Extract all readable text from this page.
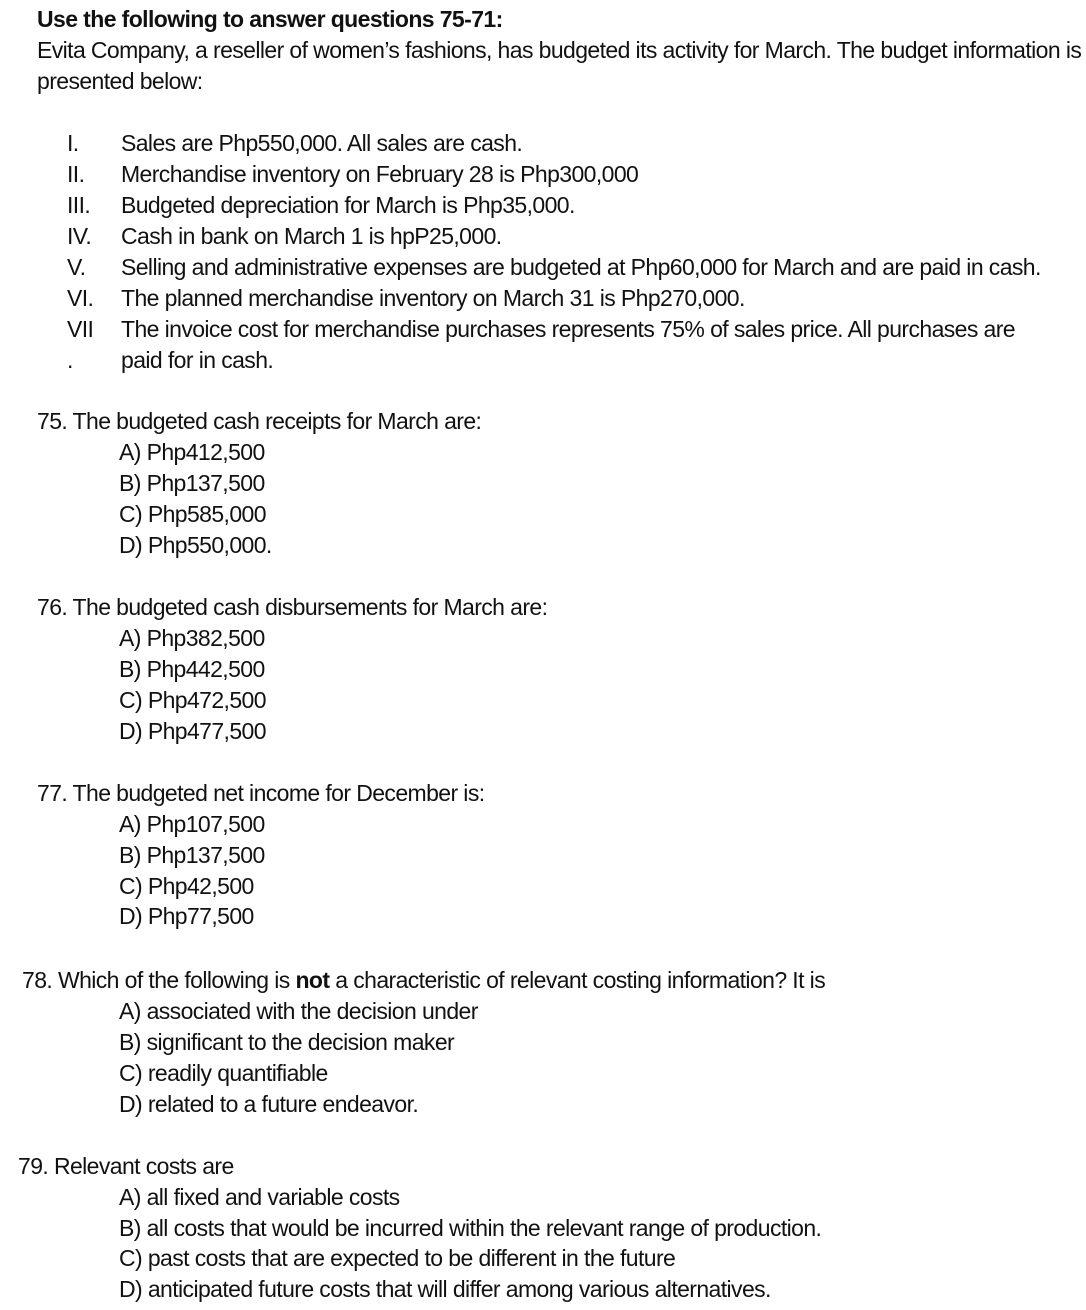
Use the following to answer questions 75-71:
Evita Company, a reseller of women’s fashions, has budgeted its activity for March. The budget information is
presented below:
I. Sales are Php550,000. All sales are cash.
II. Merchandise inventory on February 28 is Php300,000
III. Budgeted depreciation for March is Php35,000.
IV. Cash in bank on March 1 is hpP25,000.
V. Selling and administrative expenses are budgeted at Php60,000 for March and are paid in cash.
VI. The planned merchandise inventory on March 31 is Php270,000.
VII The invoice cost for merchandise purchases represents 75% of sales price. All purchases are
. paid for in cash.
75. The budgeted cash receipts for March are:
A) Php412,500
B) Php137,500
C) Php585,000
D) Php550,000.
76. The budgeted cash disbursements for March are:
A) Php382,500
B) Php442,500
C) Php472,500
D) Php477,500
77. The budgeted net income for December is:
A) Php107,500
B) Php137,500
C) Php42,500
D) Php77,500
78. Which of the following is not a characteristic of relevant costing information? It is
A) associated with the decision under
B) significant to the decision maker
C) readily quantifiable
D) related to a future endeavor.
79. Relevant costs are
A) all fixed and variable costs
B) all costs that would be incurred within the relevant range of production.
C) past costs that are expected to be different in the future
D) anticipated future costs that will differ among various alternatives.
